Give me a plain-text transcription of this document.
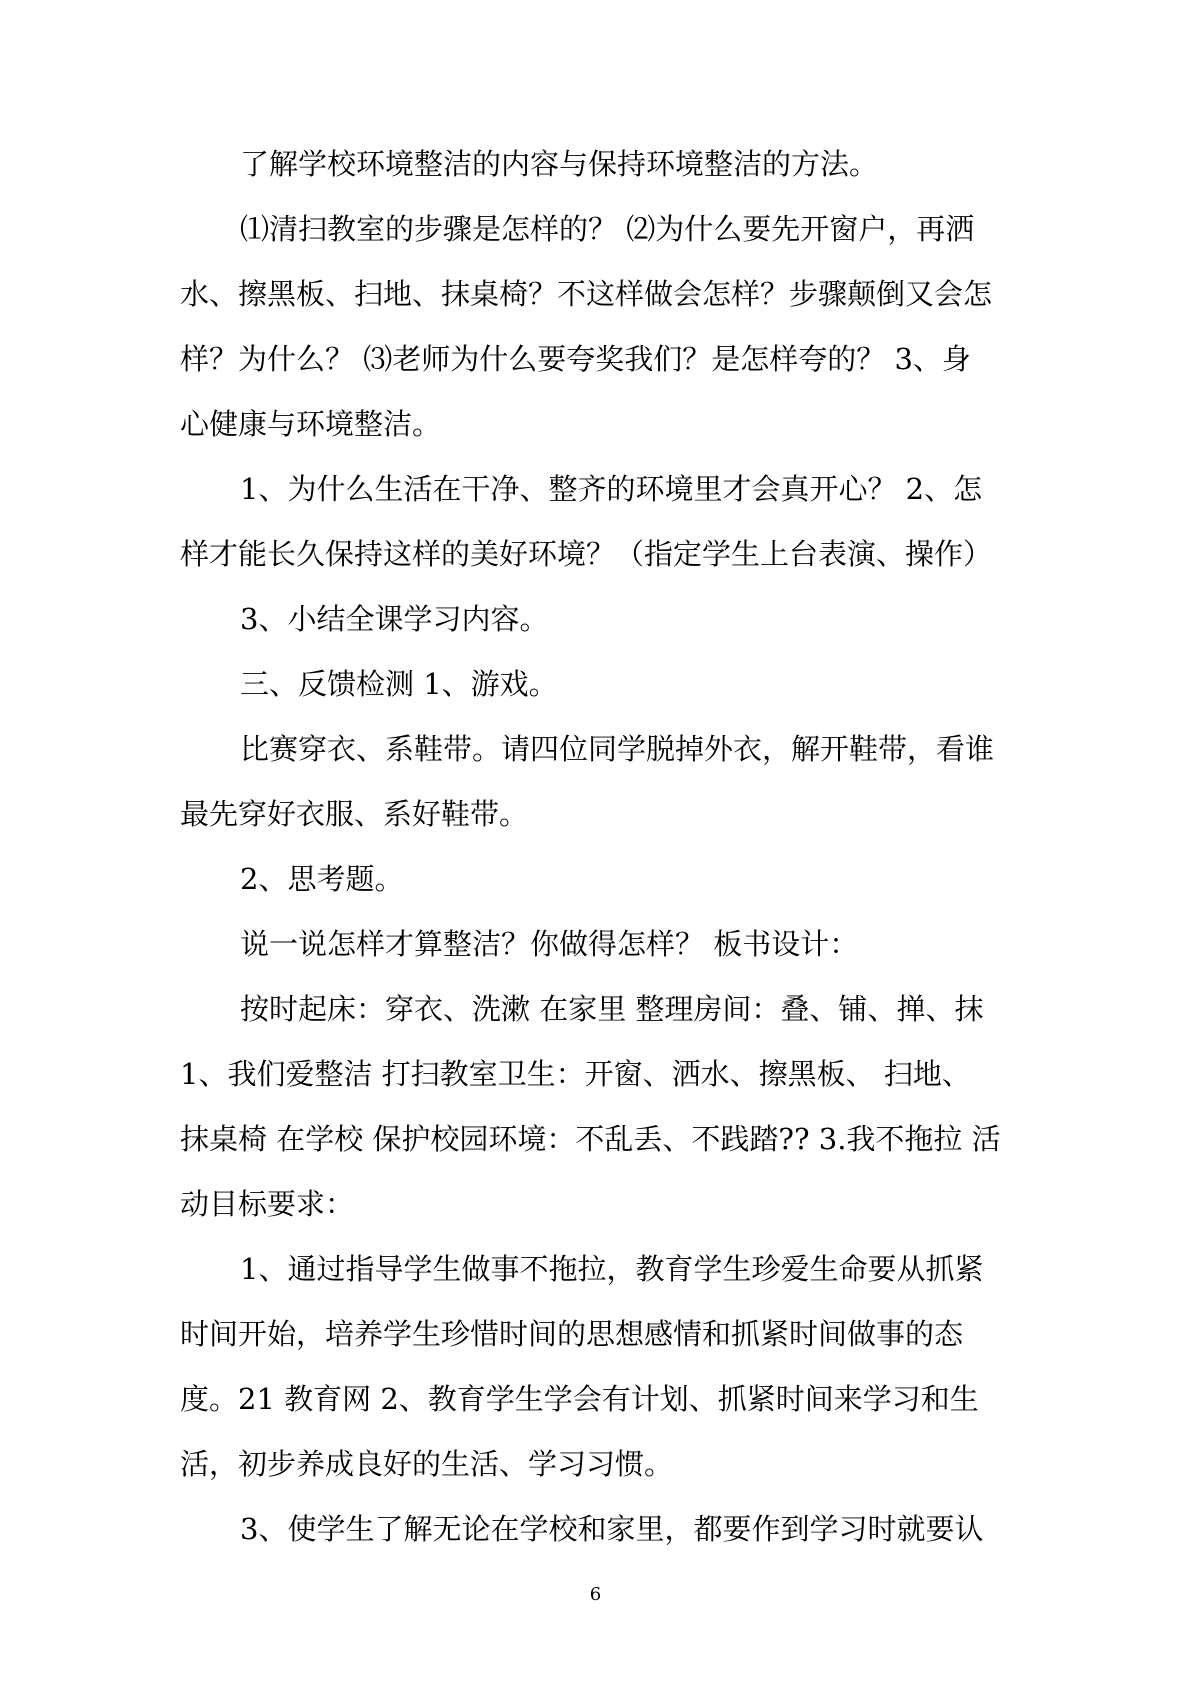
了解学校环境整洁的内容与保持环境整洁的方法。

⑴清扫教室的步骤是怎样的？ ⑵为什么要先开窗户，再洒

水、擦黑板、扫地、抹桌椅？不这样做会怎样？步骤颠倒又会怎

样？为什么？ ⑶老师为什么要夸奖我们？是怎样夸的？ 3、身

心健康与环境整洁。

1、为什么生活在干净、整齐的环境里才会真开心？ 2、怎

样才能长久保持这样的美好环境？（指定学生上台表演、操作）

3、小结全课学习内容。

三、反馈检测 1、游戏。

比赛穿衣、系鞋带。请四位同学脱掉外衣，解开鞋带，看谁

最先穿好衣服、系好鞋带。

2、思考题。

说一说怎样才算整洁？你做得怎样？ 板书设计：

按时起床：穿衣、洗漱 在家里 整理房间：叠、铺、掸、抹

1、我们爱整洁 打扫教室卫生：开窗、洒水、擦黑板、 扫地、

抹桌椅 在学校 保护校园环境：不乱丢、不践踏?? 3.我不拖拉 活

动目标要求：

1、通过指导学生做事不拖拉，教育学生珍爱生命要从抓紧

时间开始，培养学生珍惜时间的思想感情和抓紧时间做事的态

度。21 教育网 2、教育学生学会有计划、抓紧时间来学习和生

活，初步养成良好的生活、学习习惯。

3、使学生了解无论在学校和家里，都要作到学习时就要认

6
